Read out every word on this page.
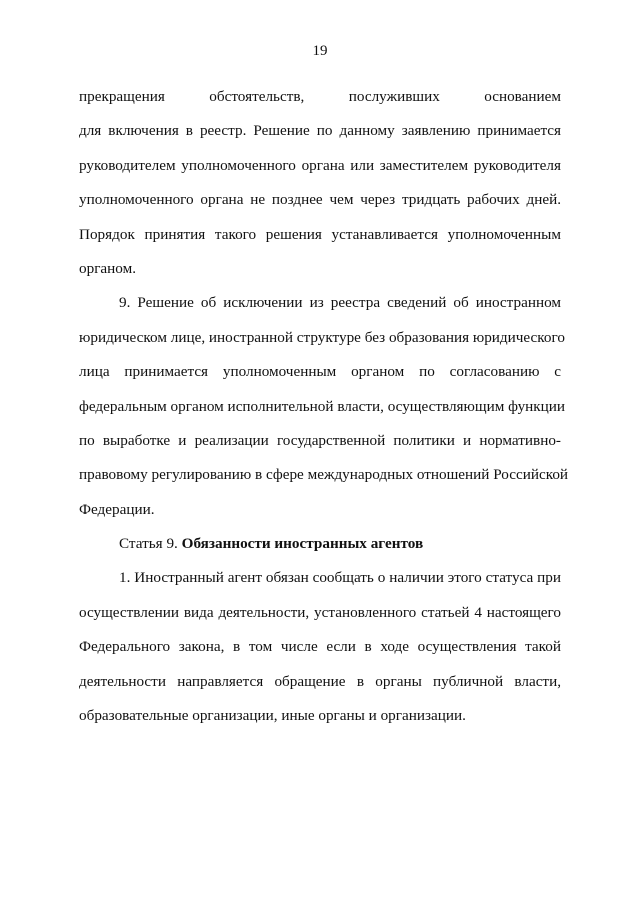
19
прекращения обстоятельств, послуживших основанием
для включения в реестр. Решение по данному заявлению принимается
руководителем уполномоченного органа или заместителем руководителя
уполномоченного органа не позднее чем через тридцать рабочих дней.
Порядок принятия такого решения устанавливается уполномоченным
органом.
9. Решение об исключении из реестра сведений об иностранном
юридическом лице, иностранной структуре без образования юридического
лица принимается уполномоченным органом по согласованию с
федеральным органом исполнительной власти, осуществляющим функции
по выработке и реализации государственной политики и нормативно-
правовому регулированию в сфере международных отношений Российской
Федерации.
Статья 9. Обязанности иностранных агентов
1. Иностранный агент обязан сообщать о наличии этого статуса при
осуществлении вида деятельности, установленного статьей 4 настоящего
Федерального закона, в том числе если в ходе осуществления такой
деятельности направляется обращение в органы публичной власти,
образовательные организации, иные органы и организации.
